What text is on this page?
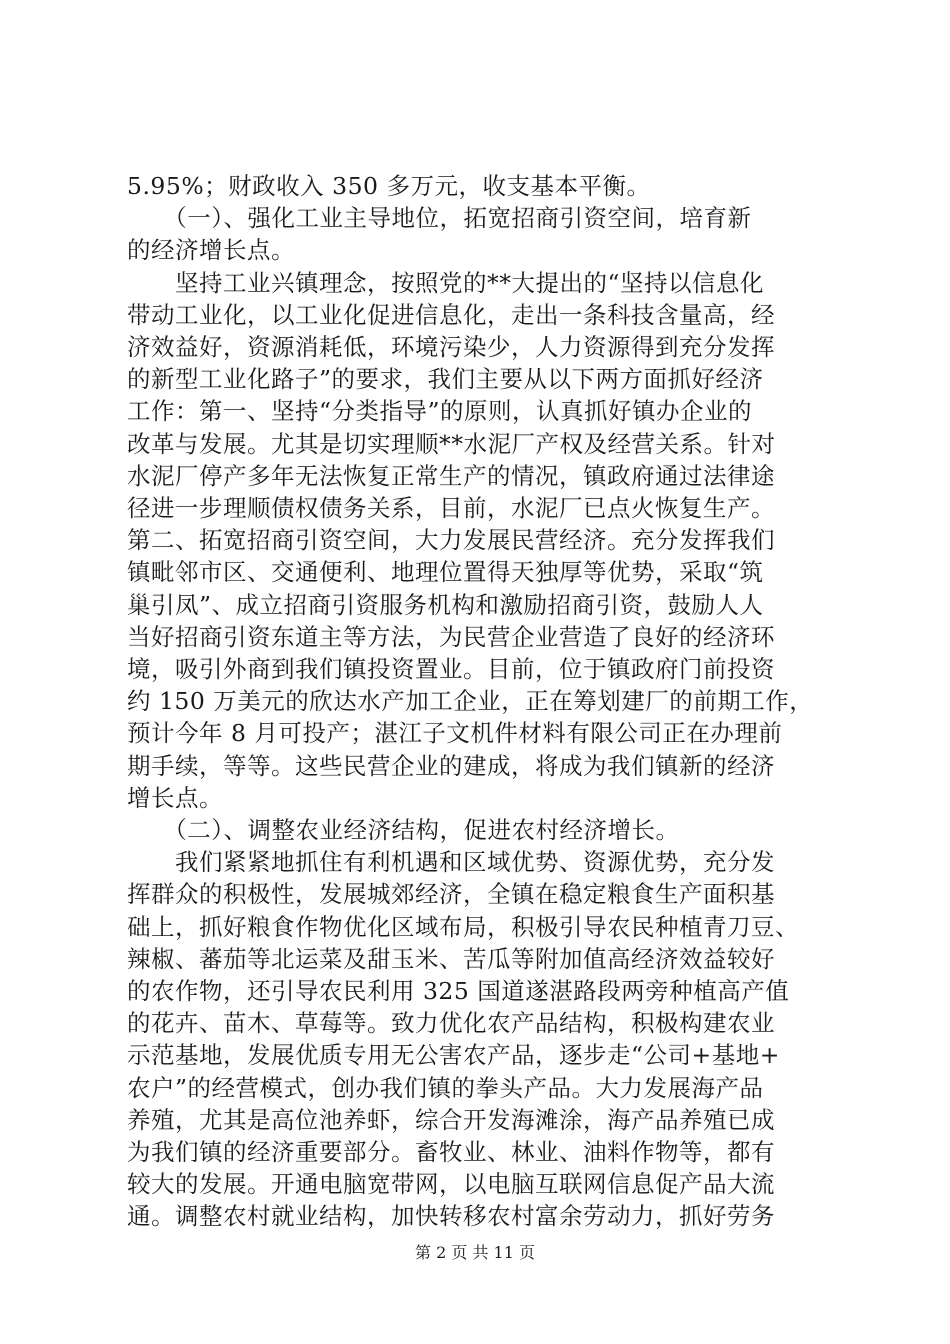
5.95%；财政收入 350 多万元，收支基本平衡。
　　（一）、强化工业主导地位，拓宽招商引资空间，培育新
的经济增长点。
　　坚持工业兴镇理念，按照党的**大提出的“坚持以信息化
带动工业化，以工业化促进信息化，走出一条科技含量高，经
济效益好，资源消耗低，环境污染少，人力资源得到充分发挥
的新型工业化路子”的要求，我们主要从以下两方面抓好经济
工作：第一、坚持“分类指导”的原则，认真抓好镇办企业的
改革与发展。尤其是切实理顺**水泥厂产权及经营关系。针对
水泥厂停产多年无法恢复正常生产的情况，镇政府通过法律途
径进一步理顺债权债务关系，目前，水泥厂已点火恢复生产。
第二、拓宽招商引资空间，大力发展民营经济。充分发挥我们
镇毗邻市区、交通便利、地理位置得天独厚等优势，采取“筑
巢引凤”、成立招商引资服务机构和激励招商引资，鼓励人人
当好招商引资东道主等方法，为民营企业营造了良好的经济环
境，吸引外商到我们镇投资置业。目前，位于镇政府门前投资
约 150 万美元的欣达水产加工企业，正在筹划建厂的前期工作，
预计今年 8 月可投产；湛江子文机件材料有限公司正在办理前
期手续，等等。这些民营企业的建成，将成为我们镇新的经济
增长点。
　　（二）、调整农业经济结构，促进农村经济增长。
　　我们紧紧地抓住有利机遇和区域优势、资源优势，充分发
挥群众的积极性，发展城郊经济，全镇在稳定粮食生产面积基
础上，抓好粮食作物优化区域布局，积极引导农民种植青刀豆、
辣椒、蕃茄等北运菜及甜玉米、苦瓜等附加值高经济效益较好
的农作物，还引导农民利用 325 国道遂湛路段两旁种植高产值
的花卉、苗木、草莓等。致力优化农产品结构，积极构建农业
示范基地，发展优质专用无公害农产品，逐步走“公司+基地+
农户”的经营模式，创办我们镇的拳头产品。大力发展海产品
养殖，尤其是高位池养虾，综合开发海滩涂，海产品养殖已成
为我们镇的经济重要部分。畜牧业、林业、油料作物等，都有
较大的发展。开通电脑宽带网，以电脑互联网信息促产品大流
通。调整农村就业结构，加快转移农村富余劳动力，抓好劳务
第 2 页 共 11 页
